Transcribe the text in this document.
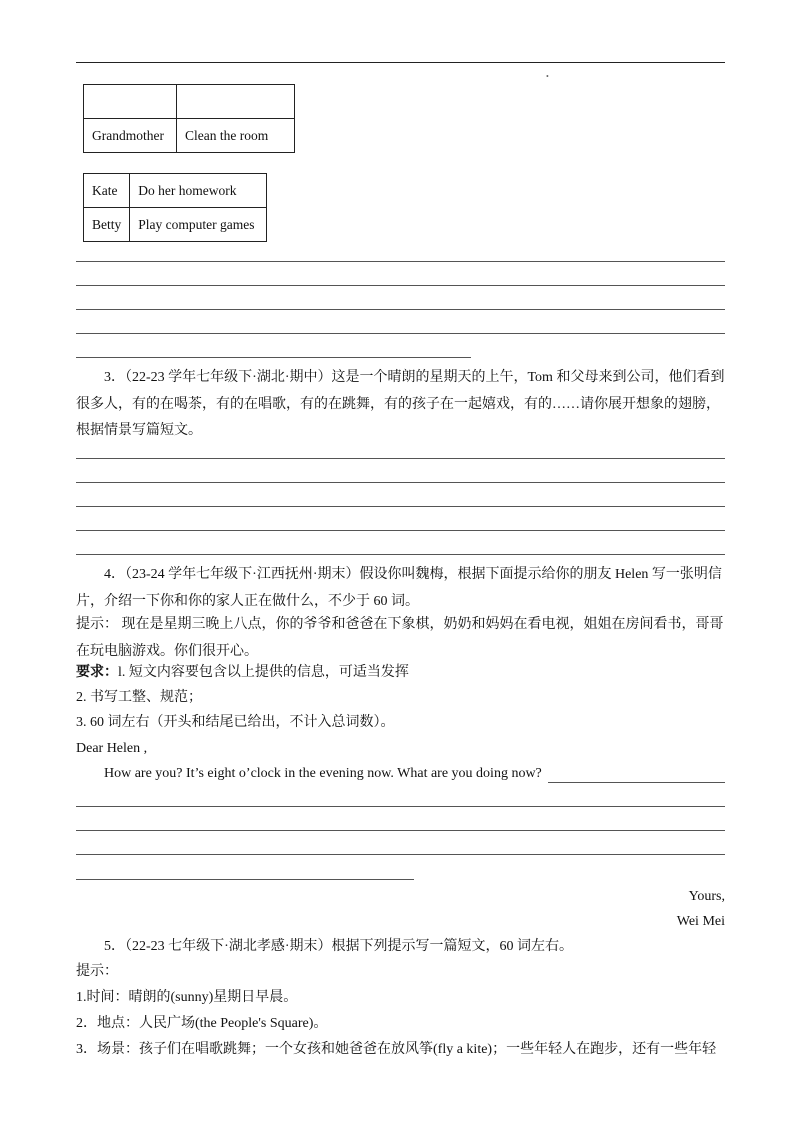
•

Grandmother	Clean the room
Kate	Do her homework
Betty	Play computer games
3．（22-23 学年七年级下·湖北·期中）这是一个晴朗的星期天的上午，Tom 和父母来到公司，他们看到很多人，有的在喝茶，有的在唱歌，有的在跳舞，有的孩子在一起嬉戏，有的……请你展开想象的翅膀，根据情景写篇短文。
4．（23-24 学年七年级下·江西抚州·期末）假设你叫魏梅，根据下面提示给你的朋友 Helen 写一张明信片，介绍一下你和你的家人正在做什么，不少于 60 词。
提示： 现在是星期三晚上八点，你的爷爷和爸爸在下象棋，奶奶和妈妈在看电视，姐姐在房间看书，哥哥在玩电脑游戏。你们很开心。
要求：l. 短文内容要包含以上提供的信息，可适当发挥
2. 书写工整、规范；
3. 60 词左右（开头和结尾已给出，不计入总词数）。
Dear Helen ,
How are you? It’s eight o’clock in the evening now. What are you doing now?
Yours,
Wei Mei
5．（22-23 七年级下·湖北孝感·期末）根据下列提示写一篇短文，60 词左右。
提示：
1.时间：晴朗的(sunny)星期日早晨。
2．地点：人民广场(the People's Square)。
3．场景：孩子们在唱歌跳舞；一个女孩和她爸爸在放风筝(fly a kite)；一些年轻人在跑步，还有一些年轻
